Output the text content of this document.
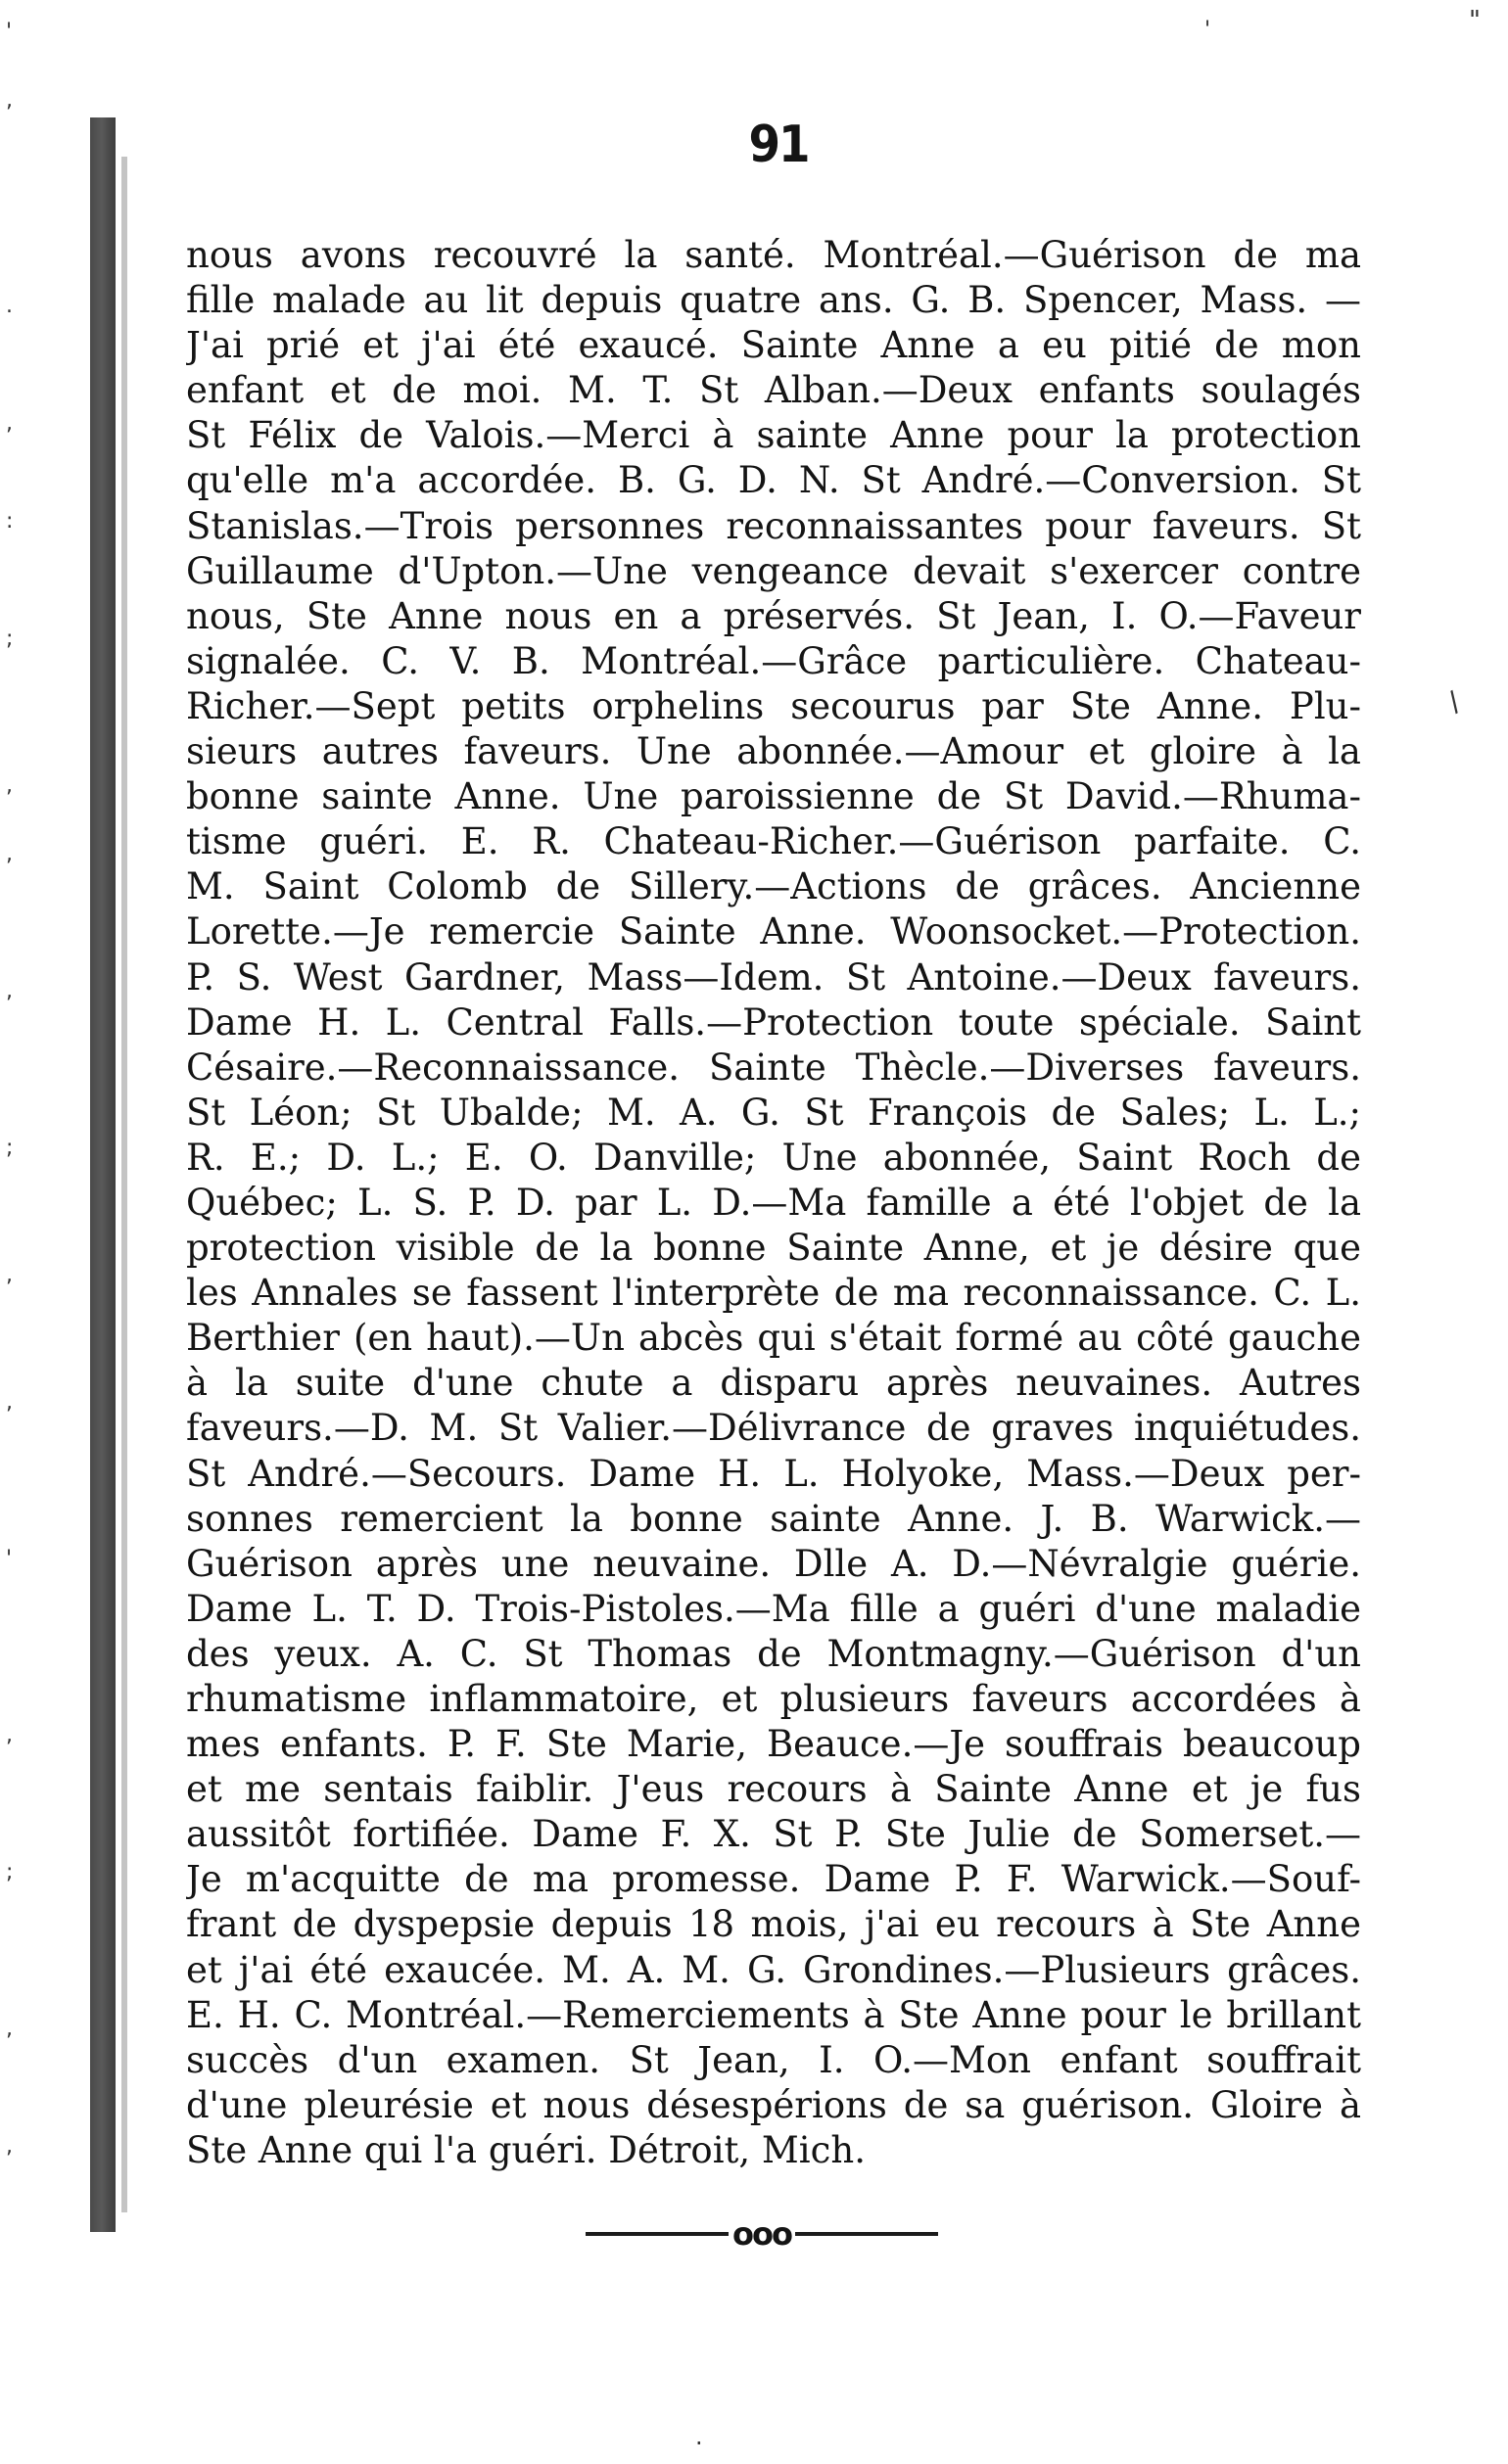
'
,
.
,
:
;
,
,
,
;
,
,
'
,
;
,
,
"
'
/
.
91
nous avons recouvré la santé. Montréal.—Guérison de ma
fille malade au lit depuis quatre ans. G. B. Spencer, Mass. —
J'ai prié et j'ai été exaucé. Sainte Anne a eu pitié de mon
enfant et de moi. M. T. St Alban.—Deux enfants soulagés
St Félix de Valois.—Merci à sainte Anne pour la protection
qu'elle m'a accordée. B. G. D. N. St André.—Conversion. St
Stanislas.—Trois personnes reconnaissantes pour faveurs. St
Guillaume d'Upton.—Une vengeance devait s'exercer contre
nous, Ste Anne nous en a préservés. St Jean, I. O.—Faveur
signalée. C. V. B. Montréal.—Grâce particulière. Chateau-
Richer.—Sept petits orphelins secourus par Ste Anne. Plu-
sieurs autres faveurs. Une abonnée.—Amour et gloire à la
bonne sainte Anne. Une paroissienne de St David.—Rhuma-
tisme guéri. E. R. Chateau-Richer.—Guérison parfaite. C.
M. Saint Colomb de Sillery.—Actions de grâces. Ancienne
Lorette.—Je remercie Sainte Anne. Woonsocket.—Protection.
P. S. West Gardner, Mass—Idem. St Antoine.—Deux faveurs.
Dame H. L. Central Falls.—Protection toute spéciale. Saint
Césaire.—Reconnaissance. Sainte Thècle.—Diverses faveurs.
St Léon; St Ubalde; M. A. G. St François de Sales; L. L.;
R. E.; D. L.; E. O. Danville; Une abonnée, Saint Roch de
Québec; L. S. P. D. par L. D.—Ma famille a été l'objet de la
protection visible de la bonne Sainte Anne, et je désire que
les Annales se fassent l'interprète de ma reconnaissance. C. L.
Berthier (en haut).—Un abcès qui s'était formé au côté gauche
à la suite d'une chute a disparu après neuvaines. Autres
faveurs.—D. M. St Valier.—Délivrance de graves inquiétudes.
St André.—Secours. Dame H. L. Holyoke, Mass.—Deux per-
sonnes remercient la bonne sainte Anne. J. B. Warwick.—
Guérison après une neuvaine. Dlle A. D.—Névralgie guérie.
Dame L. T. D. Trois-Pistoles.—Ma fille a guéri d'une maladie
des yeux. A. C. St Thomas de Montmagny.—Guérison d'un
rhumatisme inflammatoire, et plusieurs faveurs accordées à
mes enfants. P. F. Ste Marie, Beauce.—Je souffrais beaucoup
et me sentais faiblir. J'eus recours à Sainte Anne et je fus
aussitôt fortifiée. Dame F. X. St P. Ste Julie de Somerset.—
Je m'acquitte de ma promesse. Dame P. F. Warwick.—Souf-
frant de dyspepsie depuis 18 mois, j'ai eu recours à Ste Anne
et j'ai été exaucée. M. A. M. G. Grondines.—Plusieurs grâces.
E. H. C. Montréal.—Remerciements à Ste Anne pour le brillant
succès d'un examen. St Jean, I. O.—Mon enfant souffrait
d'une pleurésie et nous désespérions de sa guérison. Gloire à
Ste Anne qui l'a guéri. Détroit, Mich.
ooo
